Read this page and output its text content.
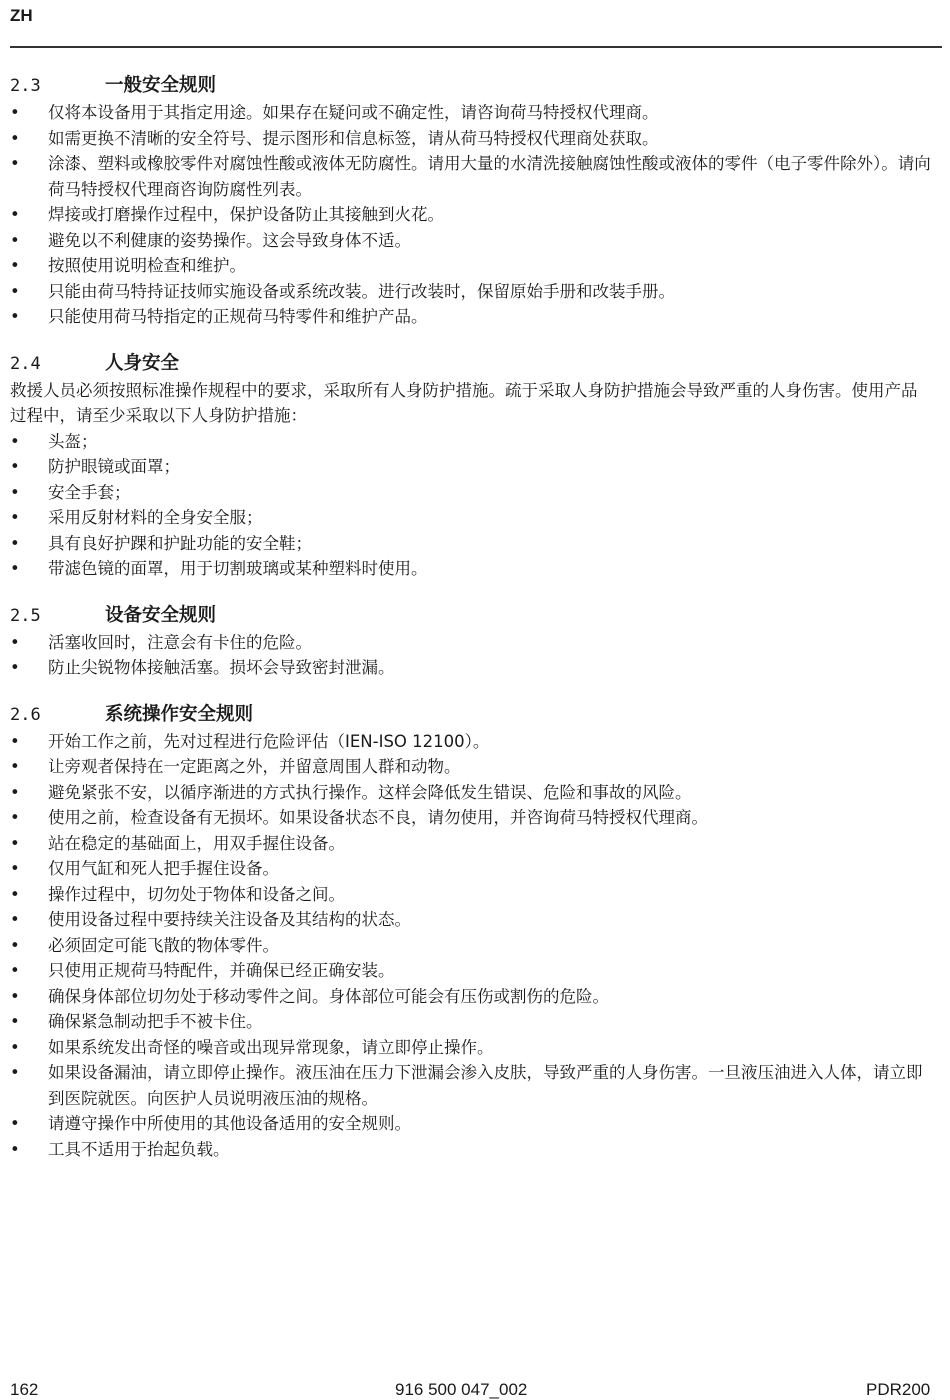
ZH
2.3	一般安全规则
• 仅将本设备用于其指定用途。如果存在疑问或不确定性，请咨询荷马特授权代理商。
• 如需更换不清晰的安全符号、提示图形和信息标签，请从荷马特授权代理商处获取。
• 涂漆、塑料或橡胶零件对腐蚀性酸或液体无防腐性。请用大量的水清洗接触腐蚀性酸或液体的零件（电子零件除外）。请向荷马特授权代理商咨询防腐性列表。
• 焊接或打磨操作过程中，保护设备防止其接触到火花。
• 避免以不利健康的姿势操作。这会导致身体不适。
• 按照使用说明检查和维护。
• 只能由荷马特持证技师实施设备或系统改装。进行改装时，保留原始手册和改装手册。
• 只能使用荷马特指定的正规荷马特零件和维护产品。
2.4	人身安全

救援人员必须按照标准操作规程中的要求，采取所有人身防护措施。疏于采取人身防护措施会导致严重的人身伤害。使用产品过程中，请至少采取以下人身防护措施：

• 头盔；
• 防护眼镜或面罩；
• 安全手套；
• 采用反射材料的全身安全服；
• 具有良好护踝和护趾功能的安全鞋；
• 带滤色镜的面罩，用于切割玻璃或某种塑料时使用。
2.5	设备安全规则
• 活塞收回时，注意会有卡住的危险。
• 防止尖锐物体接触活塞。损坏会导致密封泄漏。
2.6	系统操作安全规则
• 开始工作之前，先对过程进行危险评估（IEN-ISO 12100）。
• 让旁观者保持在一定距离之外，并留意周围人群和动物。
• 避免紧张不安，以循序渐进的方式执行操作。这样会降低发生错误、危险和事故的风险。
• 使用之前，检查设备有无损坏。如果设备状态不良，请勿使用，并咨询荷马特授权代理商。
• 站在稳定的基础面上，用双手握住设备。
• 仅用气缸和死人把手握住设备。
• 操作过程中，切勿处于物体和设备之间。
• 使用设备过程中要持续关注设备及其结构的状态。
• 必须固定可能飞散的物体零件。
• 只使用正规荷马特配件，并确保已经正确安装。
• 确保身体部位切勿处于移动零件之间。身体部位可能会有压伤或割伤的危险。
• 确保紧急制动把手不被卡住。
• 如果系统发出奇怪的噪音或出现异常现象，请立即停止操作。
• 如果设备漏油，请立即停止操作。液压油在压力下泄漏会渗入皮肤，导致严重的人身伤害。一旦液压油进入人体，请立即到医院就医。向医护人员说明液压油的规格。
• 请遵守操作中所使用的其他设备适用的安全规则。
• 工具不适用于抬起负载。
162	916 500 047_002	PDR200
